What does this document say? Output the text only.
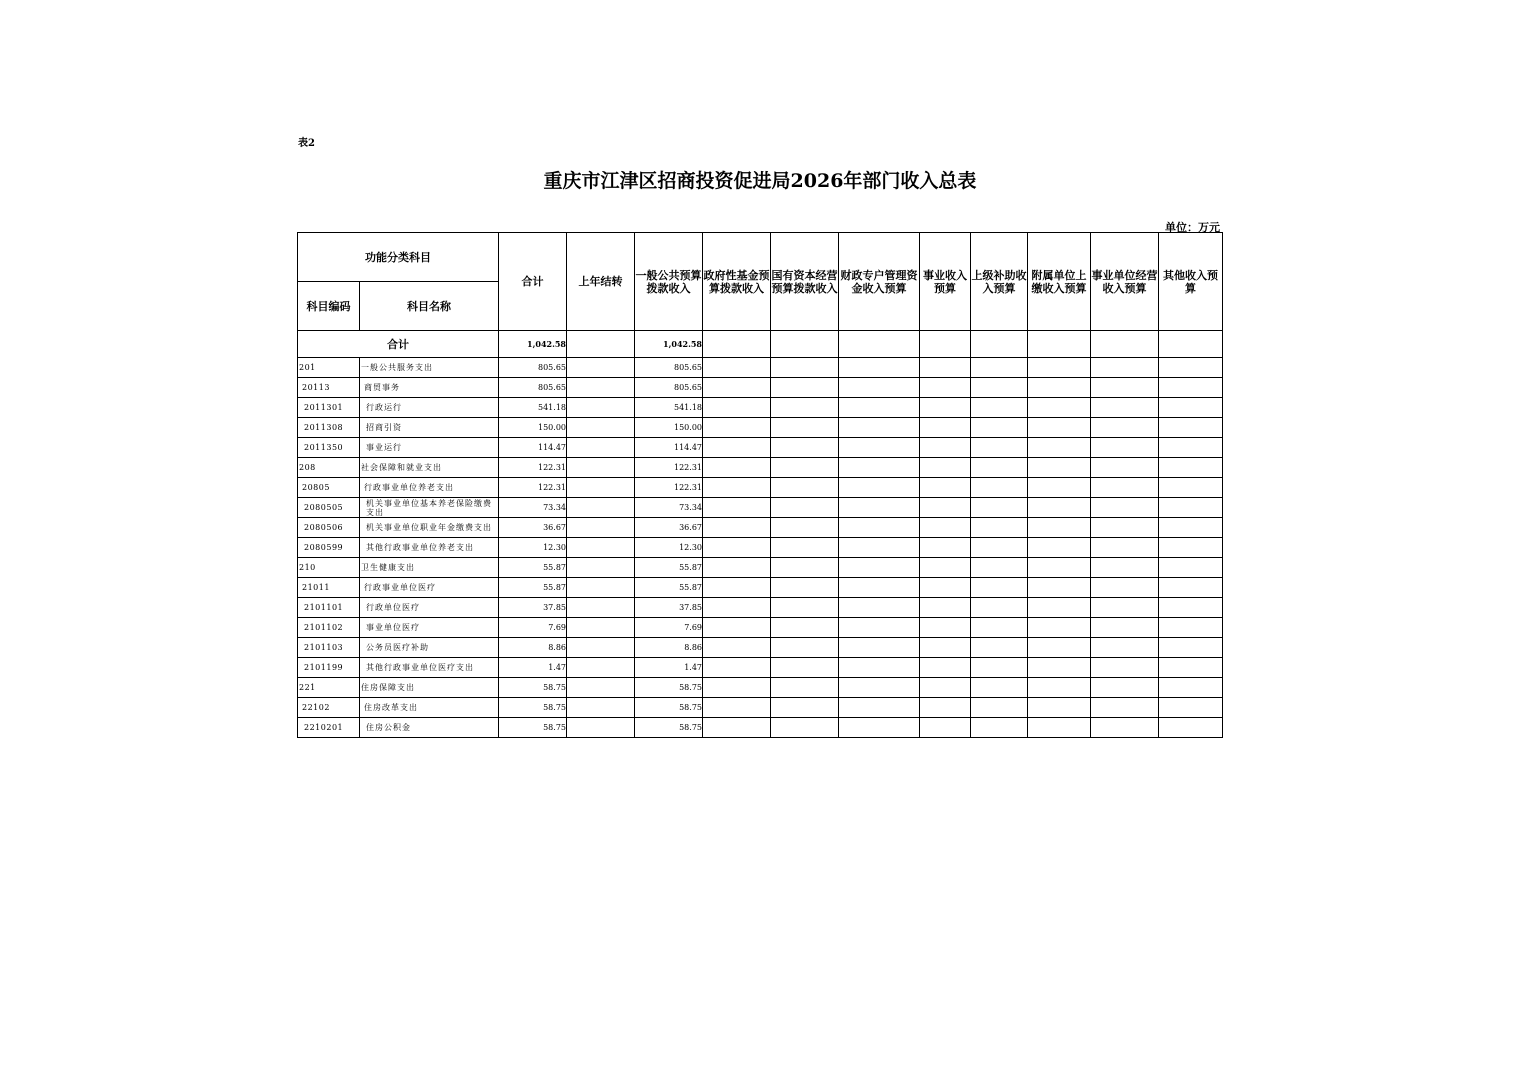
表2
重庆市江津区招商投资促进局2026年部门收入总表
单位：万元
功能分类科目		合计	上年结转	一般公共预算拨款收入	政府性基金预算拨款收入	国有资本经营预算拨款收入	财政专户管理资金收入预算	事业收入预算	上级补助收入预算	附属单位上缴收入预算	事业单位经营收入预算	其他收入预算
科目编码	科目名称											
合计		1,042.58		1,042.58								
201	一般公共服务支出	805.65		805.65								
20113	商贸事务	805.65		805.65								
2011301	行政运行	541.18		541.18								
2011308	招商引资	150.00		150.00								
2011350	事业运行	114.47		114.47								
208	社会保障和就业支出	122.31		122.31								
20805	行政事业单位养老支出	122.31		122.31								
2080505	机关事业单位基本养老保险缴费支出	73.34		73.34								
2080506	机关事业单位职业年金缴费支出	36.67		36.67								
2080599	其他行政事业单位养老支出	12.30		12.30								
210	卫生健康支出	55.87		55.87								
21011	行政事业单位医疗	55.87		55.87								
2101101	行政单位医疗	37.85		37.85								
2101102	事业单位医疗	7.69		7.69								
2101103	公务员医疗补助	8.86		8.86								
2101199	其他行政事业单位医疗支出	1.47		1.47								
221	住房保障支出	58.75		58.75								
22102	住房改革支出	58.75		58.75								
2210201	住房公积金	58.75		58.75								
